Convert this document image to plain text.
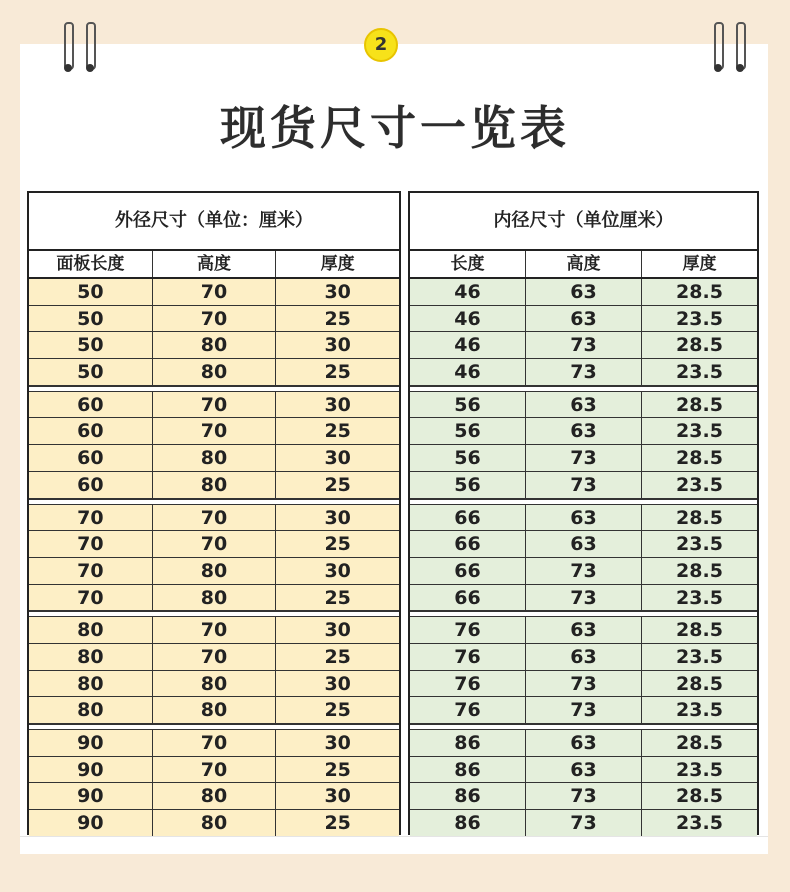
2
现货尺寸一览表
外径尺寸（单位：厘米）
面板长度	高度	厚度
50	70	30
50	70	25
50	80	30
50	80	25
60	70	30
60	70	25
60	80	30
60	80	25
70	70	30
70	70	25
70	80	30
70	80	25
80	70	30
80	70	25
80	80	30
80	80	25
90	70	30
90	70	25
90	80	30
90	80	25
内径尺寸（单位厘米）
长度	高度	厚度
46	63	28.5
46	63	23.5
46	73	28.5
46	73	23.5
56	63	28.5
56	63	23.5
56	73	28.5
56	73	23.5
66	63	28.5
66	63	23.5
66	73	28.5
66	73	23.5
76	63	28.5
76	63	23.5
76	73	28.5
76	73	23.5
86	63	28.5
86	63	23.5
86	73	28.5
86	73	23.5
